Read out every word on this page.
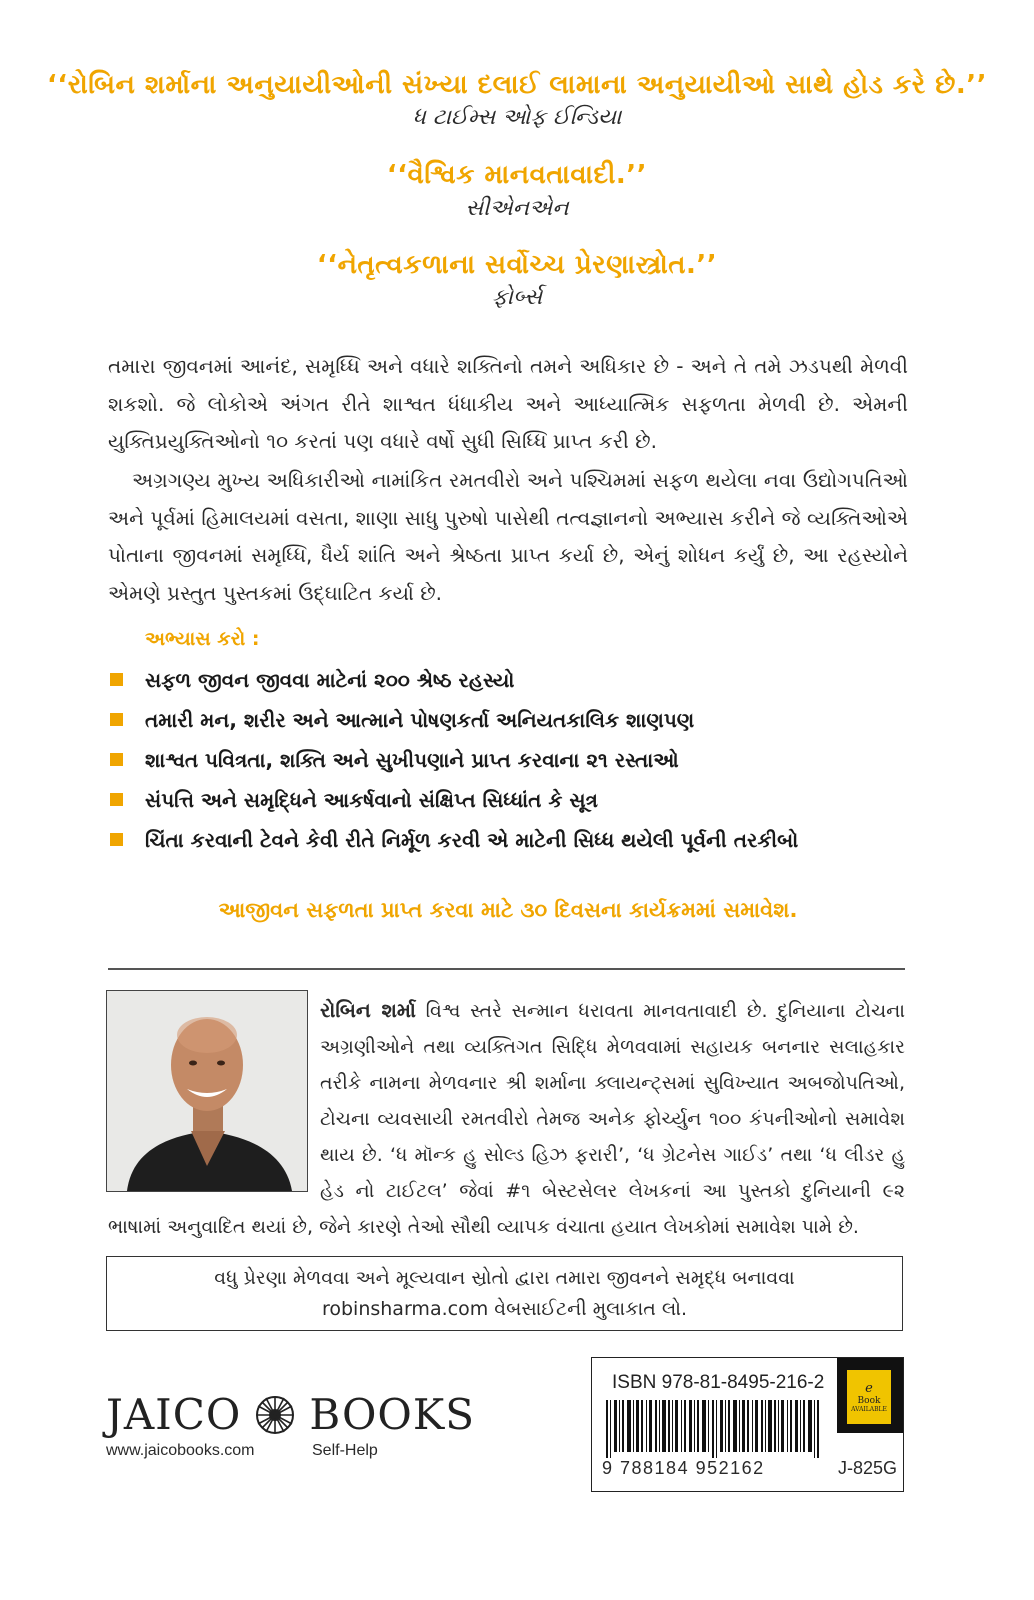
‘‘રોબિન શર્માના અનુયાયીઓની સંખ્યા દલાઈ લામાના અનુયાયીઓ સાથે હોડ કરે છે.’’
ધ ટાઈમ્સ ઓફ ઈન્ડિયા
‘‘વૈશ્વિક માનવતાવાદી.’’
સીએનએન
‘‘નેતૃત્વકળાના સર્વોચ્ચ પ્રેરણાસ્ત્રોત.’’
ફોર્બ્સ

તમારા જીવનમાં આનંદ, સમૃધ્ધિ અને વધારે શક્તિનો તમને અધિકાર છે - અને તે તમે ઝડપથી મેળવી શકશો. જે લોકોએ અંગત રીતે શાશ્વત ધંધાકીય અને આધ્યાત્મિક સફળતા મેળવી છે. એમની યુક્તિપ્રયુક્તિઓનો ૧૦ કરતાં પણ વધારે વર્ષો સુધી સિધ્ધિ પ્રાપ્ત કરી છે.

અગ્રગણ્ય મુખ્ય અધિકારીઓ નામાંકિત રમતવીરો અને પશ્ચિમમાં સફળ થયેલા નવા ઉદ્યોગપતિઓ અને પૂર્વમાં હિમાલયમાં વસતા, શાણા સાધુ પુરુષો પાસેથી તત્વજ્ઞાનનો અભ્યાસ કરીને જે વ્યક્તિઓએ પોતાના જીવનમાં સમૃધ્ધિ, ધૈર્ય શાંતિ અને શ્રેષ્ઠતા પ્રાપ્ત કર્યા છે, એનું શોધન કર્યું છે, આ રહસ્યોને એમણે પ્રસ્તુત પુસ્તકમાં ઉદ્ઘાટિત કર્યા છે.

અભ્યાસ કરો :
સફળ જીવન જીવવા માટેનાં ૨૦૦ શ્રેષ્ઠ રહસ્યો
તમારી મન, શરીર અને આત્માને પોષણકર્તા અનિયતકાલિક શાણપણ
શાશ્વત પવિત્રતા, શક્તિ અને સુખીપણાને પ્રાપ્ત કરવાના ૨૧ રસ્તાઓ
સંપત્તિ અને સમૃદ્ધિને આકર્ષવાનો સંક્ષિપ્ત સિધ્ધાંત કે સૂત્ર
ચિંતા કરવાની ટેવને કેવી રીતે નિર્મૂળ કરવી એ માટેની સિધ્ધ થયેલી પૂર્વની તરકીબો
આજીવન સફળતા પ્રાપ્ત કરવા માટે ૩૦ દિવસના કાર્યક્રમમાં સમાવેશ.

રોબિન શર્મા વિશ્વ સ્તરે સન્માન ધરાવતા માનવતાવાદી છે. દુનિયાના ટોચના અગ્રણીઓને તથા વ્યક્તિગત સિદ્ધિ મેળવવામાં સહાયક બનનાર સલાહકાર તરીકે નામના મેળવનાર શ્રી શર્માના ક્લાયન્ટ્સમાં સુવિખ્યાત અબજોપતિઓ, ટોચના વ્યવસાયી રમતવીરો તેમજ અનેક ફોર્ચ્યુન ૧૦૦ કંપનીઓનો સમાવેશ થાય છે. ‘ધ મૉન્ક હુ સોલ્ડ હિઝ ફરારી’, ‘ધ ગ્રેટનેસ ગાઈડ’ તથા ‘ધ લીડર હુ હેડ નો ટાઈટલ’ જેવાં #૧ બેસ્ટસેલર લેખકનાં આ પુસ્તકો દુનિયાની ૯૨ ભાષામાં અનુવાદિત થયાં છે, જેને કારણે તેઓ સૌથી વ્યાપક વંચાતા હયાત લેખકોમાં સમાવેશ પામે છે.

વધુ પ્રેરણા મેળવવા અને મૂલ્યવાન સ્રોતો દ્વારા તમારા જીવનને સમૃદ્ધ બનાવવા
robinsharma.com વેબસાઈટની મુલાકાત લો.
JAICO BOOKS
www.jaicobooks.com	Self-Help
ISBN 978-81-8495-216-2
9 788184 952162
e
Book
AVAILABLE
J-825G
